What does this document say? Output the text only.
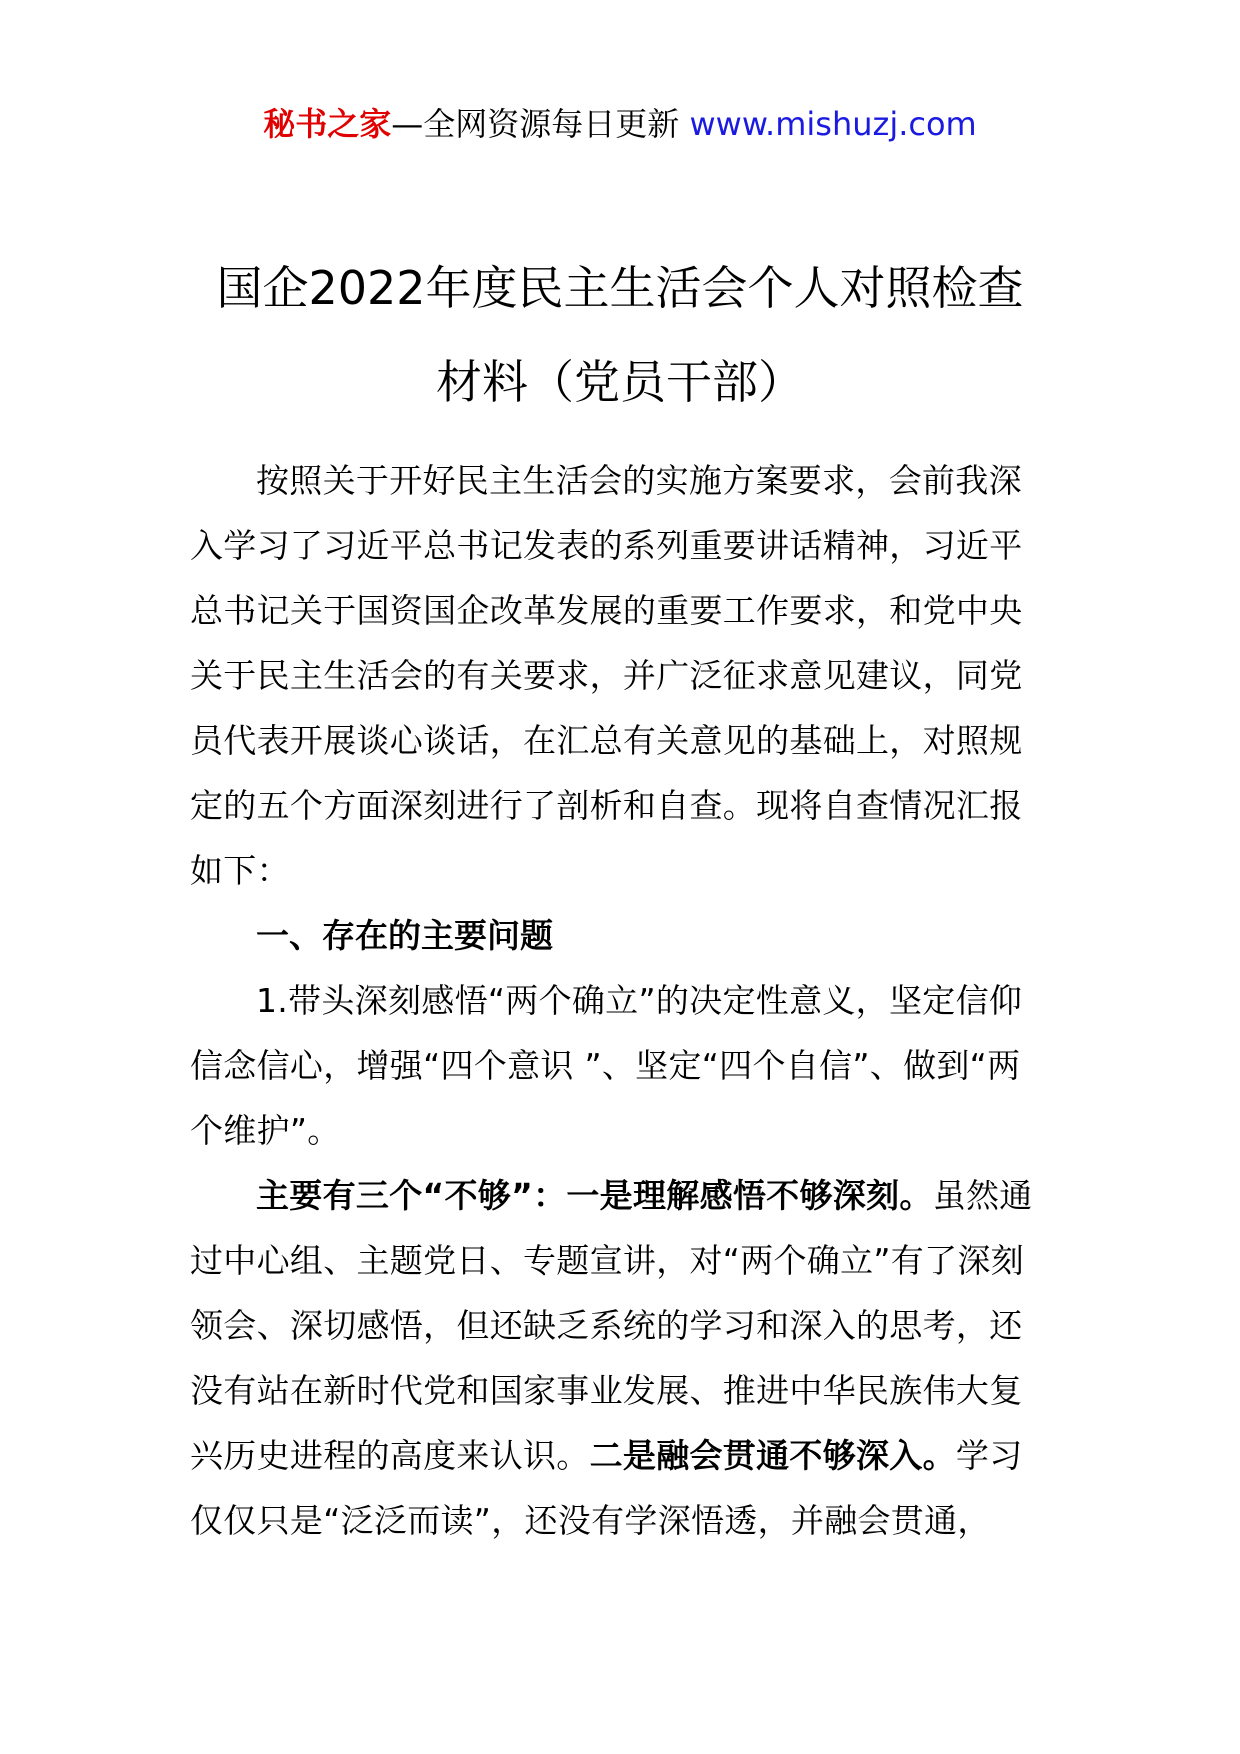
秘书之家—全网资源每日更新 www.mishuzj.com
国企2022年度民主生活会个人对照检查
材料（党员干部）

按照关于开好民主生活会的实施方案要求，会前我深入学习了习近平总书记发表的系列重要讲话精神，习近平总书记关于国资国企改革发展的重要工作要求，和党中央关于民主生活会的有关要求，并广泛征求意见建议，同党员代表开展谈心谈话，在汇总有关意见的基础上，对照规定的五个方面深刻进行了剖析和自查。现将自查情况汇报如下：

一、存在的主要问题

1.带头深刻感悟“两个确立”的决定性意义，坚定信仰信念信心，增强“四个意识 ”、坚定“四个自信”、做到“两个维护”。

主要有三个“不够”：一是理解感悟不够深刻。虽然通过中心组、主题党日、专题宣讲，对“两个确立”有了深刻领会、深切感悟，但还缺乏系统的学习和深入的思考，还没有站在新时代党和国家事业发展、推进中华民族伟大复兴历史进程的高度来认识。二是融会贯通不够深入。学习仅仅只是“泛泛而读”，还没有学深悟透，并融会贯通，
